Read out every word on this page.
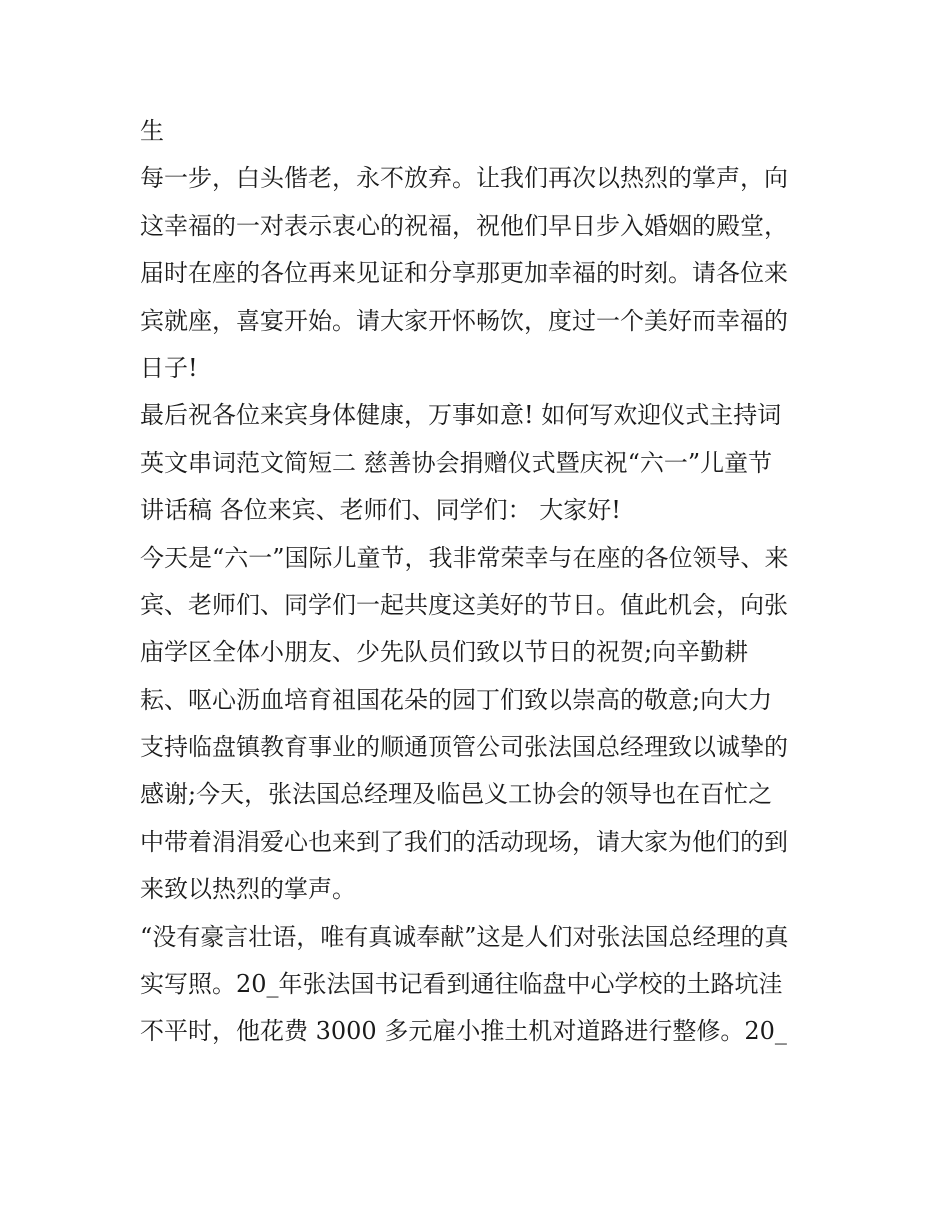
生
每一步，白头偕老，永不放弃。让我们再次以热烈的掌声，向
这幸福的一对表示衷心的祝福，祝他们早日步入婚姻的殿堂，
届时在座的各位再来见证和分享那更加幸福的时刻。请各位来
宾就座，喜宴开始。请大家开怀畅饮，度过一个美好而幸福的
日子!
最后祝各位来宾身体健康，万事如意! 如何写欢迎仪式主持词
英文串词范文简短二 慈善协会捐赠仪式暨庆祝“六一”儿童节
讲话稿 各位来宾、老师们、同学们： 大家好!
今天是“六一”国际儿童节，我非常荣幸与在座的各位领导、来
宾、老师们、同学们一起共度这美好的节日。值此机会，向张
庙学区全体小朋友、少先队员们致以节日的祝贺;向辛勤耕
耘、呕心沥血培育祖国花朵的园丁们致以崇高的敬意;向大力
支持临盘镇教育事业的顺通顶管公司张法国总经理致以诚挚的
感谢;今天，张法国总经理及临邑义工协会的领导也在百忙之
中带着涓涓爱心也来到了我们的活动现场，请大家为他们的到
来致以热烈的掌声。
“没有豪言壮语，唯有真诚奉献”这是人们对张法国总经理的真
实写照。20_年张法国书记看到通往临盘中心学校的土路坑洼
不平时，他花费 3000 多元雇小推土机对道路进行整修。20_
